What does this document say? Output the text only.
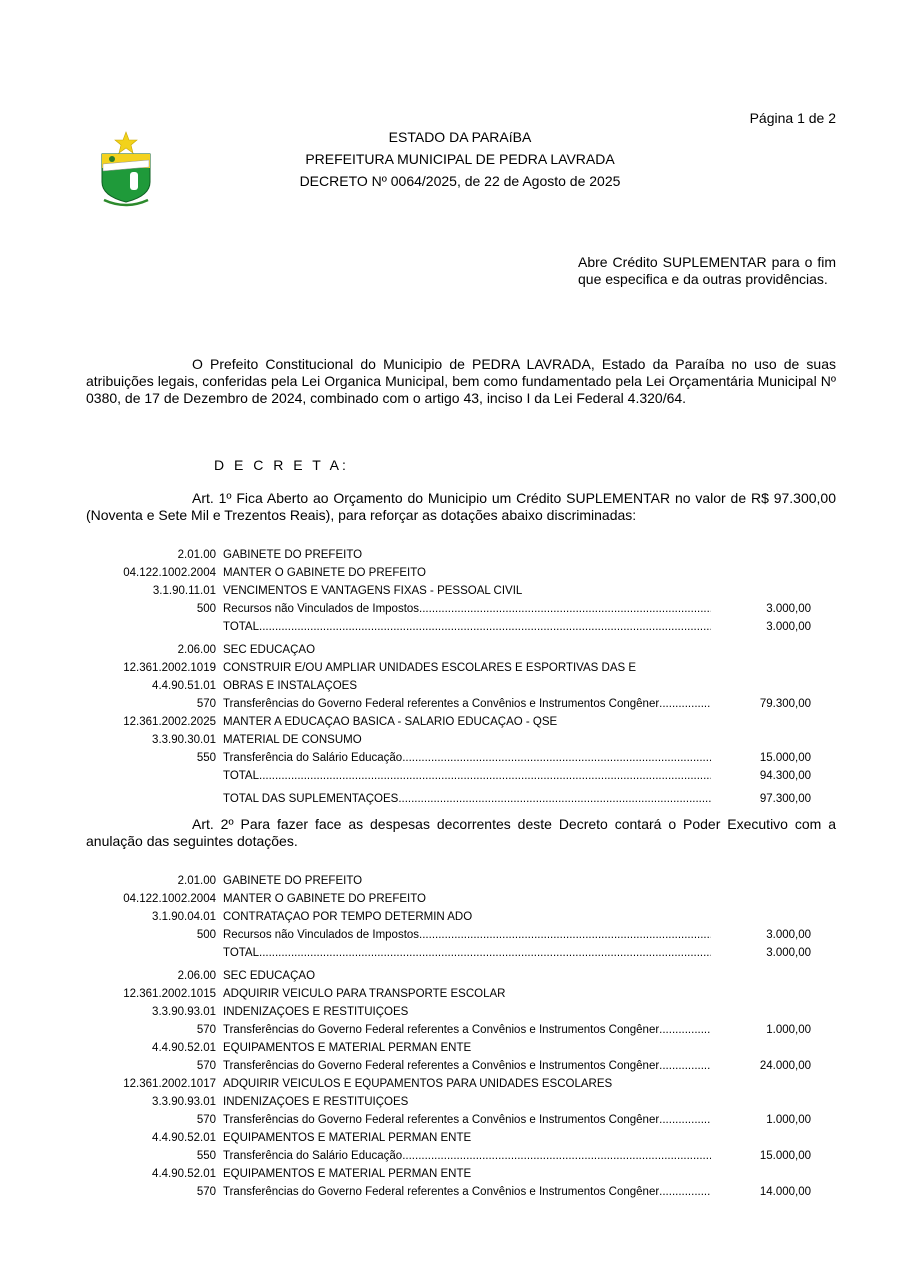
Página 1 de 2
ESTADO DA PARAíBA
PREFEITURA MUNICIPAL DE PEDRA LAVRADA
DECRETO Nº 0064/2025, de 22 de Agosto de 2025
Abre Crédito SUPLEMENTAR para o fim que especifica e da outras providências.
O Prefeito Constitucional do Municipio de PEDRA LAVRADA, Estado da Paraíba no uso de suas atribuições legais, conferidas pela Lei Organica Municipal, bem como fundamentado pela Lei Orçamentária Municipal Nº 0380, de 17 de Dezembro de 2024, combinado com o artigo 43, inciso I da Lei Federal 4.320/64.
D E C R E T A:
Art. 1º Fica Aberto ao Orçamento do Municipio um Crédito SUPLEMENTAR no valor de R$ 97.300,00 (Noventa e Sete Mil e Trezentos Reais), para reforçar as dotações abaixo discriminadas:
2.01.00 GABINETE DO PREFEITO
04.122.1002.2004 MANTER O GABINETE DO PREFEITO
3.1.90.11.01 VENCIMENTOS E VANTAGENS FIXAS - PESSOAL CIVIL
500 Recursos não Vinculados de Impostos .....	3.000,00
TOTAL .....	3.000,00
2.06.00 SEC EDUCAÇÃO
12.361.2002.1019 CONSTRUIR E/OU AMPLIAR UNIDADES ESCOLARES E ESPORTIVAS DAS E
4.4.90.51.01 OBRAS E INSTALAÇÕES
570 Transferências do Governo Federal referentes a Convênios e Instrumentos Congêner .....	79.300,00
12.361.2002.2025 MANTER A EDUCAÇAO BASICA - SALÁRIO EDUCAÇÃO - QSE
3.3.90.30.01 MATERIAL DE CONSUMO
550 Transferência do Salário Educação .....	15.000,00
TOTAL .....	94.300,00
TOTAL DAS SUPLEMENTAÇÕES .....	97.300,00
Art. 2º Para fazer face as despesas decorrentes deste Decreto contará o Poder Executivo com a anulação das seguintes dotações.
2.01.00 GABINETE DO PREFEITO
04.122.1002.2004 MANTER O GABINETE DO PREFEITO
3.1.90.04.01 CONTRATAÇÃO POR TEMPO DETERMIN ADO
500 Recursos não Vinculados de Impostos .....	3.000,00
TOTAL .....	3.000,00
2.06.00 SEC EDUCAÇÃO
12.361.2002.1015 ADQUIRIR VEÍCULO PARA TRANSPORTE ESCOLAR
3.3.90.93.01 INDENIZAÇÕES E RESTITUIÇÕES
570 Transferências do Governo Federal referentes a Convênios e Instrumentos Congêner .....	1.000,00
4.4.90.52.01 EQUIPAMENTOS E MATERIAL PERMAN ENTE
570 Transferências do Governo Federal referentes a Convênios e Instrumentos Congêner .....	24.000,00
12.361.2002.1017 ADQUIRIR VEÍCULOS E EQUPAMENTOS PARA UNIDADES ESCOLARES
3.3.90.93.01 INDENIZAÇÕES E RESTITUIÇÕES
570 Transferências do Governo Federal referentes a Convênios e Instrumentos Congêner .....	1.000,00
4.4.90.52.01 EQUIPAMENTOS E MATERIAL PERMAN ENTE
550 Transferência do Salário Educação .....	15.000,00
4.4.90.52.01 EQUIPAMENTOS E MATERIAL PERMAN ENTE
570 Transferências do Governo Federal referentes a Convênios e Instrumentos Congêner .....	14.000,00
